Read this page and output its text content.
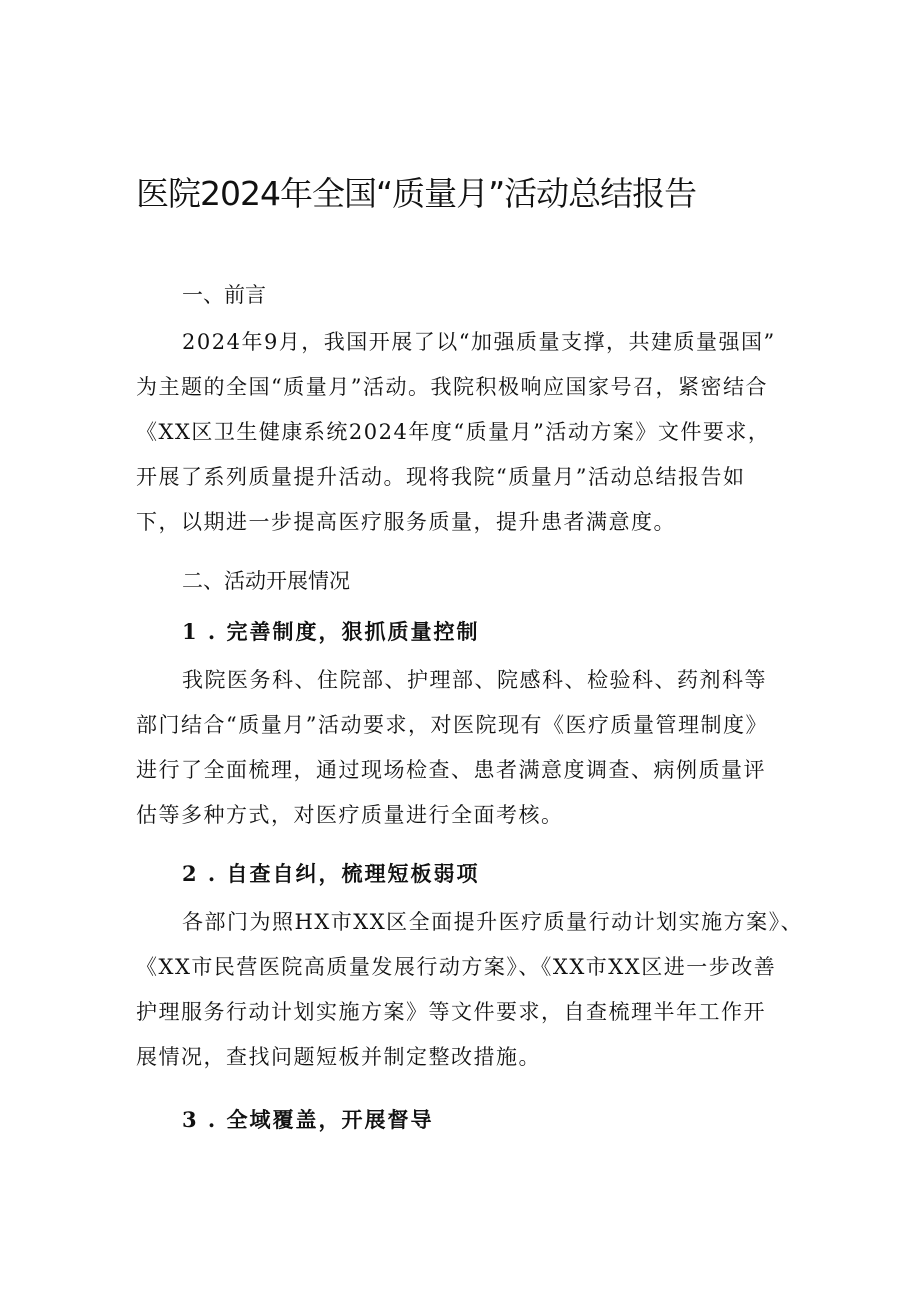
医院2024年全国“质量月”活动总结报告
一、前言
2024年9月，我国开展了以“加强质量支撑，共建质量强国”
为主题的全国“质量月”活动。我院积极响应国家号召，紧密结合
《XX区卫生健康系统2024年度“质量月”活动方案》文件要求，
开展了系列质量提升活动。现将我院“质量月”活动总结报告如
下，以期进一步提高医疗服务质量，提升患者满意度。
二、活动开展情况
1 . 完善制度，狠抓质量控制
我院医务科、住院部、护理部、院感科、检验科、药剂科等
部门结合“质量月”活动要求，对医院现有《医疗质量管理制度》
进行了全面梳理，通过现场检查、患者满意度调查、病例质量评
估等多种方式，对医疗质量进行全面考核。
2 . 自查自纠，梳理短板弱项
各部门为照HX市XX区全面提升医疗质量行动计划实施方案》、
《XX市民营医院高质量发展行动方案》、《XX市XX区进一步改善
护理服务行动计划实施方案》等文件要求，自查梳理半年工作开
展情况，查找问题短板并制定整改措施。
3 . 全域覆盖，开展督导
